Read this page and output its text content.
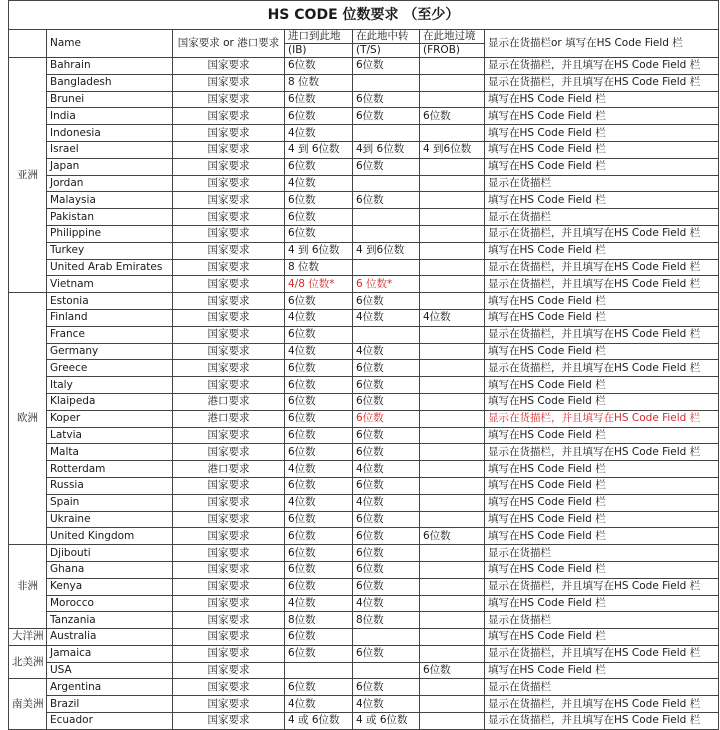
HS CODE 位数要求 （至少）						
	Name	国家要求 or 港口要求	进口到此地	在此地中转	在此地过境	显示在货描栏or 填写在HS Code Field 栏
			(IB)	(T/S)	(FROB)	
亚洲	Bahrain	国家要求	6位数	6位数		显示在货描栏，并且填写在HS Code Field 栏
	Bangladesh	国家要求	8 位数			显示在货描栏，并且填写在HS Code Field 栏
	Brunei	国家要求	6位数	6位数		填写在HS Code Field 栏
	India	国家要求	6位数	6位数	6位数	填写在HS Code Field 栏
	Indonesia	国家要求	4位数			填写在HS Code Field 栏
	Israel	国家要求	4 到 6位数	4到 6位数	4 到6位数	填写在HS Code Field 栏
	Japan	国家要求	6位数	6位数		填写在HS Code Field 栏
	Jordan	国家要求	4位数			显示在货描栏
	Malaysia	国家要求	6位数	6位数		填写在HS Code Field 栏
	Pakistan	国家要求	6位数			显示在货描栏
	Philippine	国家要求	6位数			显示在货描栏，并且填写在HS Code Field 栏
	Turkey	国家要求	4 到 6位数	4 到6位数		填写在HS Code Field 栏
	United Arab Emirates	国家要求	8 位数			显示在货描栏，并且填写在HS Code Field 栏
	Vietnam	国家要求	4/8 位数*	6 位数*		显示在货描栏，并且填写在HS Code Field 栏
欧洲	Estonia	国家要求	6位数	6位数		填写在HS Code Field 栏
	Finland	国家要求	4位数	4位数	4位数	填写在HS Code Field 栏
	France	国家要求	6位数			显示在货描栏，并且填写在HS Code Field 栏
	Germany	国家要求	4位数	4位数		填写在HS Code Field 栏
	Greece	国家要求	6位数	6位数		显示在货描栏，并且填写在HS Code Field 栏
	Italy	国家要求	6位数	6位数		填写在HS Code Field 栏
	Klaipeda	港口要求	6位数	6位数		填写在HS Code Field 栏
	Koper	港口要求	6位数	6位数		显示在货描栏，并且填写在HS Code Field 栏
	Latvia	国家要求	6位数	6位数		填写在HS Code Field 栏
	Malta	国家要求	6位数	6位数		显示在货描栏，并且填写在HS Code Field 栏
	Rotterdam	港口要求	4位数	4位数		填写在HS Code Field 栏
	Russia	国家要求	6位数	6位数		填写在HS Code Field 栏
	Spain	国家要求	4位数	4位数		填写在HS Code Field 栏
	Ukraine	国家要求	6位数	6位数		填写在HS Code Field 栏
	United Kingdom	国家要求	6位数	6位数	6位数	填写在HS Code Field 栏
非洲	Djibouti	国家要求	6位数	6位数		显示在货描栏
	Ghana	国家要求	6位数	6位数		填写在HS Code Field 栏
	Kenya	国家要求	6位数	6位数		显示在货描栏，并且填写在HS Code Field 栏
	Morocco	国家要求	4位数	4位数		填写在HS Code Field 栏
	Tanzania	国家要求	8位数	8位数		显示在货描栏
大洋洲	Australia	国家要求	6位数			填写在HS Code Field 栏
北美洲	Jamaica	国家要求	6位数	6位数		显示在货描栏，并且填写在HS Code Field 栏
	USA	国家要求			6位数	填写在HS Code Field 栏
南美洲	Argentina	国家要求	6位数	6位数		显示在货描栏
	Brazil	国家要求	4位数	4位数		显示在货描栏，并且填写在HS Code Field 栏
	Ecuador	国家要求	4 或 6位数	4 或 6位数		显示在货描栏，并且填写在HS Code Field 栏
